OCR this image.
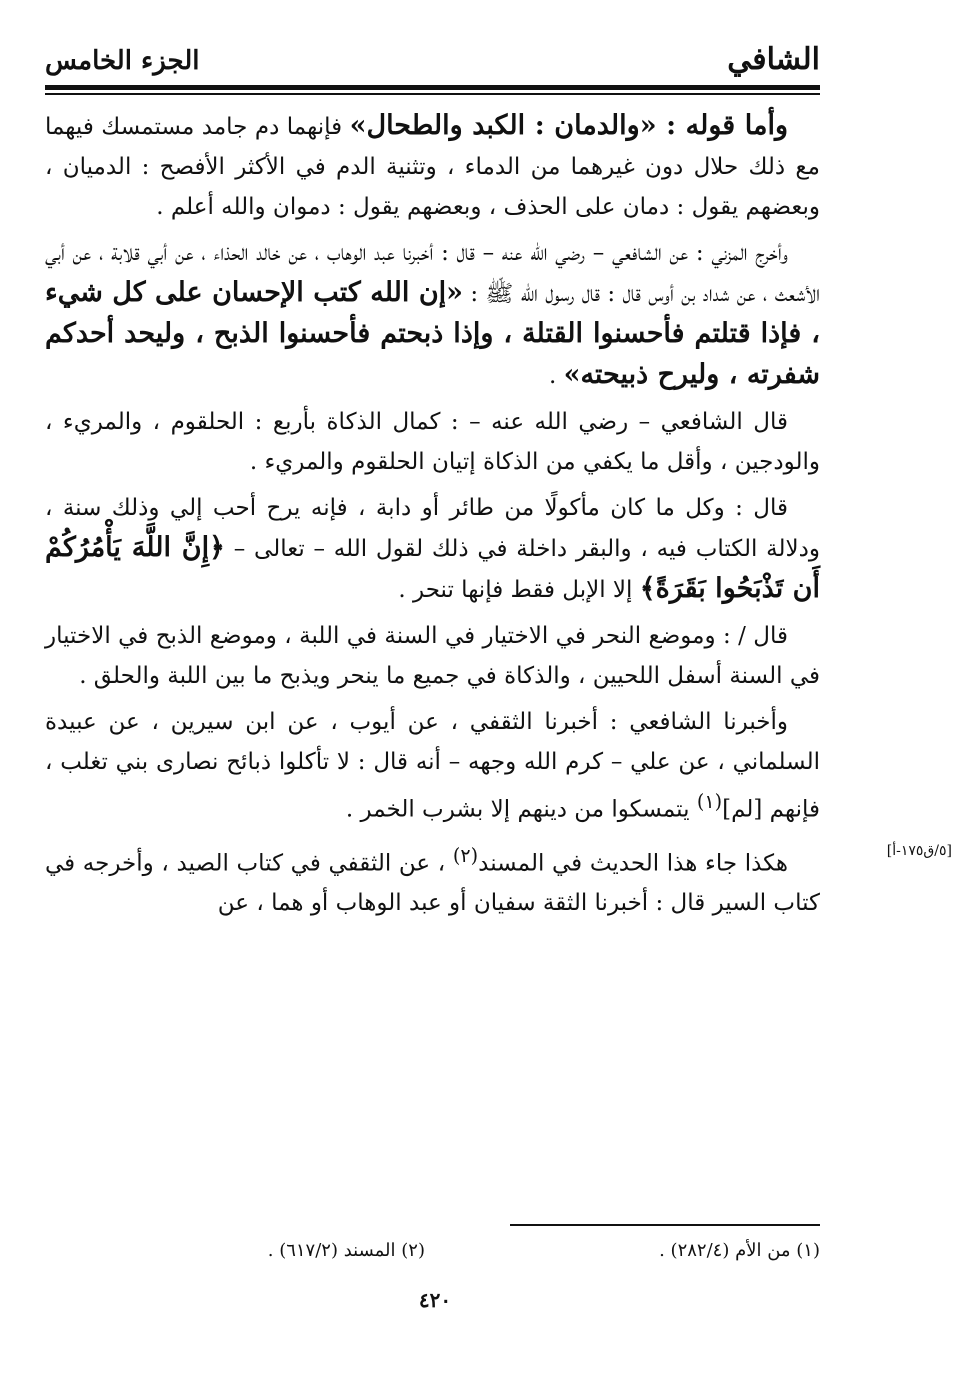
الشافي
الجزء الخامس

وأما قوله : «والدمان : الكبد والطحال» فإنهما دم جامد مستمسك فيهما مع ذلك حلال دون غيرهما من الدماء ، وتثنية الدم في الأكثر الأفصح : الدميان ، وبعضهم يقول : دمان على الحذف ، وبعضهم يقول : دموان والله أعلم .

وأخرج المزني : عن الشافعي – رضي الله عنه – قال : أخبرنا عبد الوهاب ، عن خالد الحذاء ، عن أبي قلابة ، عن أبي الأشعث ، عن شداد بن أوس قال : قال رسول الله ﷺ : «إن الله كتب الإحسان على كل شيء ، فإذا قتلتم فأحسنوا القتلة ، وإذا ذبحتم فأحسنوا الذبح ، وليحد أحدكم شفرته ، وليرح ذبيحته» .

قال الشافعي – رضي الله عنه – : كمال الذكاة بأربع : الحلقوم ، والمريء ، والودجين ، وأقل ما يكفي من الذكاة إتيان الحلقوم والمريء .

قال : وكل ما كان مأكولًا من طائر أو دابة ، فإنه يرح أحب إلي وذلك سنة ، ودلالة الكتاب فيه ، والبقر داخلة في ذلك لقول الله – تعالى – ﴿إِنَّ اللَّهَ يَأْمُرُكُمْ أَن تَذْبَحُوا بَقَرَةً﴾ إلا الإبل فقط فإنها تنحر .

قال / : وموضع النحر في الاختيار في السنة في اللبة ، وموضع الذبح في الاختيار في السنة أسفل اللحيين ، والذكاة في جميع ما ينحر ويذبح ما بين اللبة والحلق .

وأخبرنا الشافعي : أخبرنا الثقفي ، عن أيوب ، عن ابن سيرين ، عن عبيدة السلماني ، عن علي – كرم الله وجهه – أنه قال : لا تأكلوا ذبائح نصارى بني تغلب ، فإنهم [لم]$^{(١)}$ يتمسكوا من دينهم إلا بشرب الخمر .

هكذا جاء هذا الحديث في المسند$^{(٢)}$ ، عن الثقفي في كتاب الصيد ، وأخرجه في كتاب السير قال : أخبرنا الثقة سفيان أو عبد الوهاب أو هما ، عن

[٥/ق١٧٥-أ]
(١) من الأم (٢٨٢/٤) .
(٢) المسند (٦١٧/٢) .
٤٢٠
